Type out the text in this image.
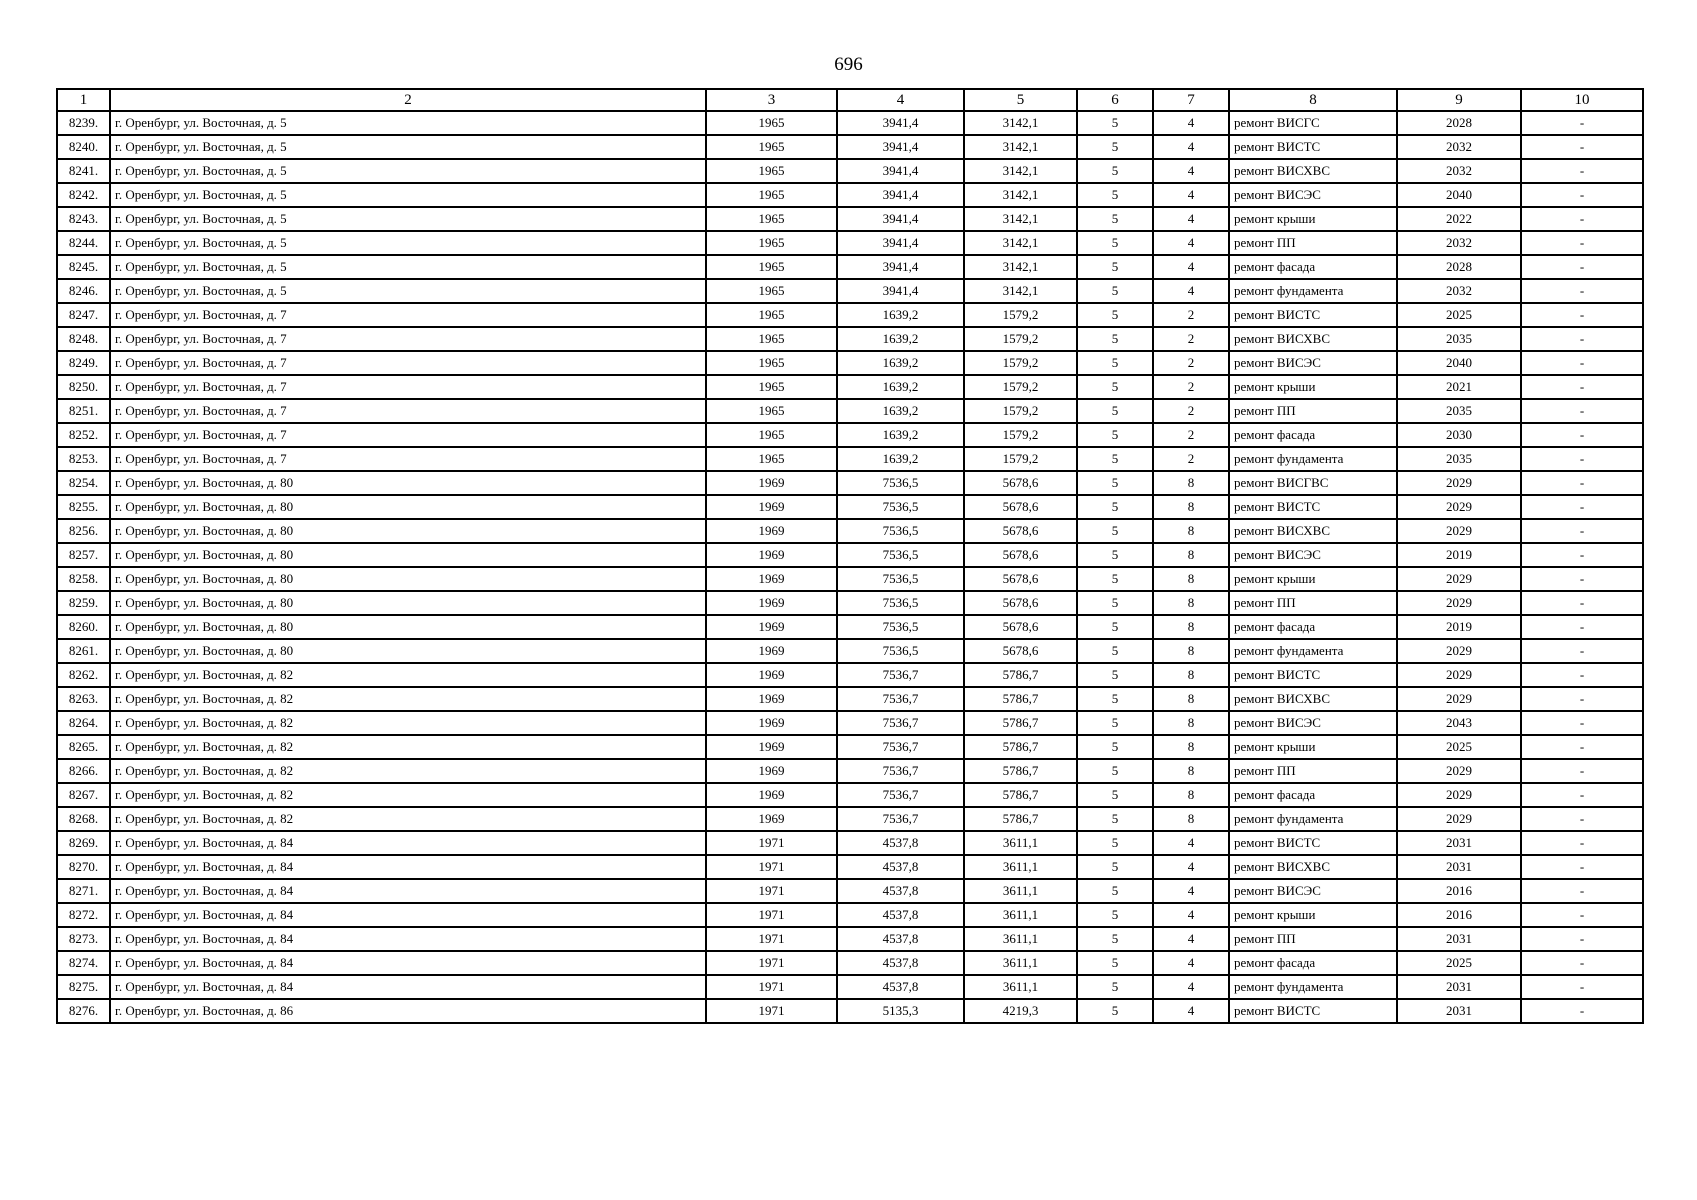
696
1	2	3	4	5	6	7	8	9	10
8239.	г. Оренбург, ул. Восточная, д. 5	1965	3941,4	3142,1	5	4	ремонт ВИСГС	2028	-
8240.	г. Оренбург, ул. Восточная, д. 5	1965	3941,4	3142,1	5	4	ремонт ВИСТС	2032	-
8241.	г. Оренбург, ул. Восточная, д. 5	1965	3941,4	3142,1	5	4	ремонт ВИСХВС	2032	-
8242.	г. Оренбург, ул. Восточная, д. 5	1965	3941,4	3142,1	5	4	ремонт ВИСЭС	2040	-
8243.	г. Оренбург, ул. Восточная, д. 5	1965	3941,4	3142,1	5	4	ремонт крыши	2022	-
8244.	г. Оренбург, ул. Восточная, д. 5	1965	3941,4	3142,1	5	4	ремонт ПП	2032	-
8245.	г. Оренбург, ул. Восточная, д. 5	1965	3941,4	3142,1	5	4	ремонт фасада	2028	-
8246.	г. Оренбург, ул. Восточная, д. 5	1965	3941,4	3142,1	5	4	ремонт фундамента	2032	-
8247.	г. Оренбург, ул. Восточная, д. 7	1965	1639,2	1579,2	5	2	ремонт ВИСТС	2025	-
8248.	г. Оренбург, ул. Восточная, д. 7	1965	1639,2	1579,2	5	2	ремонт ВИСХВС	2035	-
8249.	г. Оренбург, ул. Восточная, д. 7	1965	1639,2	1579,2	5	2	ремонт ВИСЭС	2040	-
8250.	г. Оренбург, ул. Восточная, д. 7	1965	1639,2	1579,2	5	2	ремонт крыши	2021	-
8251.	г. Оренбург, ул. Восточная, д. 7	1965	1639,2	1579,2	5	2	ремонт ПП	2035	-
8252.	г. Оренбург, ул. Восточная, д. 7	1965	1639,2	1579,2	5	2	ремонт фасада	2030	-
8253.	г. Оренбург, ул. Восточная, д. 7	1965	1639,2	1579,2	5	2	ремонт фундамента	2035	-
8254.	г. Оренбург, ул. Восточная, д. 80	1969	7536,5	5678,6	5	8	ремонт ВИСГВС	2029	-
8255.	г. Оренбург, ул. Восточная, д. 80	1969	7536,5	5678,6	5	8	ремонт ВИСТС	2029	-
8256.	г. Оренбург, ул. Восточная, д. 80	1969	7536,5	5678,6	5	8	ремонт ВИСХВС	2029	-
8257.	г. Оренбург, ул. Восточная, д. 80	1969	7536,5	5678,6	5	8	ремонт ВИСЭС	2019	-
8258.	г. Оренбург, ул. Восточная, д. 80	1969	7536,5	5678,6	5	8	ремонт крыши	2029	-
8259.	г. Оренбург, ул. Восточная, д. 80	1969	7536,5	5678,6	5	8	ремонт ПП	2029	-
8260.	г. Оренбург, ул. Восточная, д. 80	1969	7536,5	5678,6	5	8	ремонт фасада	2019	-
8261.	г. Оренбург, ул. Восточная, д. 80	1969	7536,5	5678,6	5	8	ремонт фундамента	2029	-
8262.	г. Оренбург, ул. Восточная, д. 82	1969	7536,7	5786,7	5	8	ремонт ВИСТС	2029	-
8263.	г. Оренбург, ул. Восточная, д. 82	1969	7536,7	5786,7	5	8	ремонт ВИСХВС	2029	-
8264.	г. Оренбург, ул. Восточная, д. 82	1969	7536,7	5786,7	5	8	ремонт ВИСЭС	2043	-
8265.	г. Оренбург, ул. Восточная, д. 82	1969	7536,7	5786,7	5	8	ремонт крыши	2025	-
8266.	г. Оренбург, ул. Восточная, д. 82	1969	7536,7	5786,7	5	8	ремонт ПП	2029	-
8267.	г. Оренбург, ул. Восточная, д. 82	1969	7536,7	5786,7	5	8	ремонт фасада	2029	-
8268.	г. Оренбург, ул. Восточная, д. 82	1969	7536,7	5786,7	5	8	ремонт фундамента	2029	-
8269.	г. Оренбург, ул. Восточная, д. 84	1971	4537,8	3611,1	5	4	ремонт ВИСТС	2031	-
8270.	г. Оренбург, ул. Восточная, д. 84	1971	4537,8	3611,1	5	4	ремонт ВИСХВС	2031	-
8271.	г. Оренбург, ул. Восточная, д. 84	1971	4537,8	3611,1	5	4	ремонт ВИСЭС	2016	-
8272.	г. Оренбург, ул. Восточная, д. 84	1971	4537,8	3611,1	5	4	ремонт крыши	2016	-
8273.	г. Оренбург, ул. Восточная, д. 84	1971	4537,8	3611,1	5	4	ремонт ПП	2031	-
8274.	г. Оренбург, ул. Восточная, д. 84	1971	4537,8	3611,1	5	4	ремонт фасада	2025	-
8275.	г. Оренбург, ул. Восточная, д. 84	1971	4537,8	3611,1	5	4	ремонт фундамента	2031	-
8276.	г. Оренбург, ул. Восточная, д. 86	1971	5135,3	4219,3	5	4	ремонт ВИСТС	2031	-
